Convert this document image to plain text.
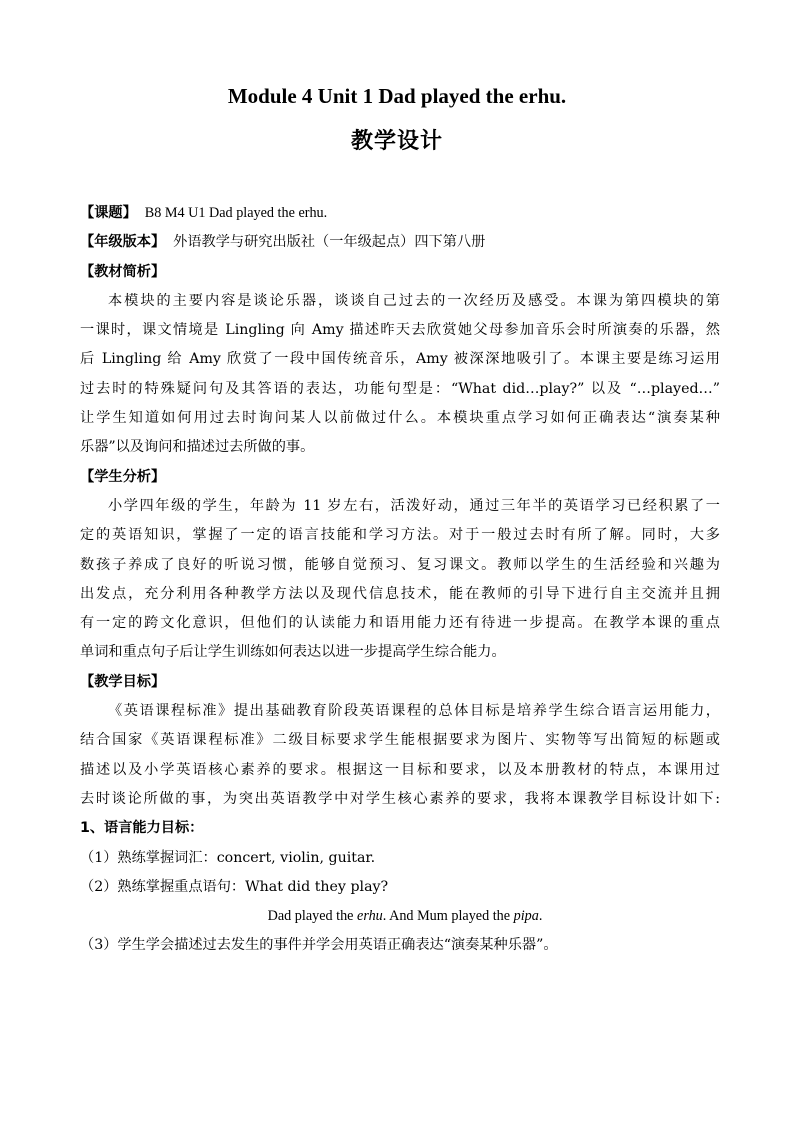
Module 4 Unit 1 Dad played the erhu.
教学设计
【课题】 B8 M4 U1 Dad played the erhu.
【年级版本】 外语教学与研究出版社（一年级起点）四下第八册
【教材简析】
本模块的主要内容是谈论乐器，谈谈自己过去的一次经历及感受。本课为第四模块的第
一课时，课文情境是 Lingling 向 Amy 描述昨天去欣赏她父母参加音乐会时所演奏的乐器，然
后 Lingling 给 Amy 欣赏了一段中国传统音乐，Amy 被深深地吸引了。本课主要是练习运用
过去时的特殊疑问句及其答语的表达，功能句型是：“What did…play?” 以及 “…played…”
让学生知道如何用过去时询问某人以前做过什么。本模块重点学习如何正确表达“演奏某种
乐器”以及询问和描述过去所做的事。
【学生分析】
小学四年级的学生，年龄为 11 岁左右，活泼好动，通过三年半的英语学习已经积累了一
定的英语知识，掌握了一定的语言技能和学习方法。对于一般过去时有所了解。同时，大多
数孩子养成了良好的听说习惯，能够自觉预习、复习课文。教师以学生的生活经验和兴趣为
出发点，充分利用各种教学方法以及现代信息技术，能在教师的引导下进行自主交流并且拥
有一定的跨文化意识，但他们的认读能力和语用能力还有待进一步提高。在教学本课的重点
单词和重点句子后让学生训练如何表达以进一步提高学生综合能力。
【教学目标】
《英语课程标准》提出基础教育阶段英语课程的总体目标是培养学生综合语言运用能力，
结合国家《英语课程标准》二级目标要求学生能根据要求为图片、实物等写出简短的标题或
描述以及小学英语核心素养的要求。根据这一目标和要求，以及本册教材的特点，本课用过
去时谈论所做的事，为突出英语教学中对学生核心素养的要求，我将本课教学目标设计如下:
1、语言能力目标：
（1）熟练掌握词汇：concert, violin, guitar.
（2）熟练掌握重点语句：What did they play?
Dad played the erhu. And Mum played the pipa.
（3）学生学会描述过去发生的事件并学会用英语正确表达“演奏某种乐器”。
